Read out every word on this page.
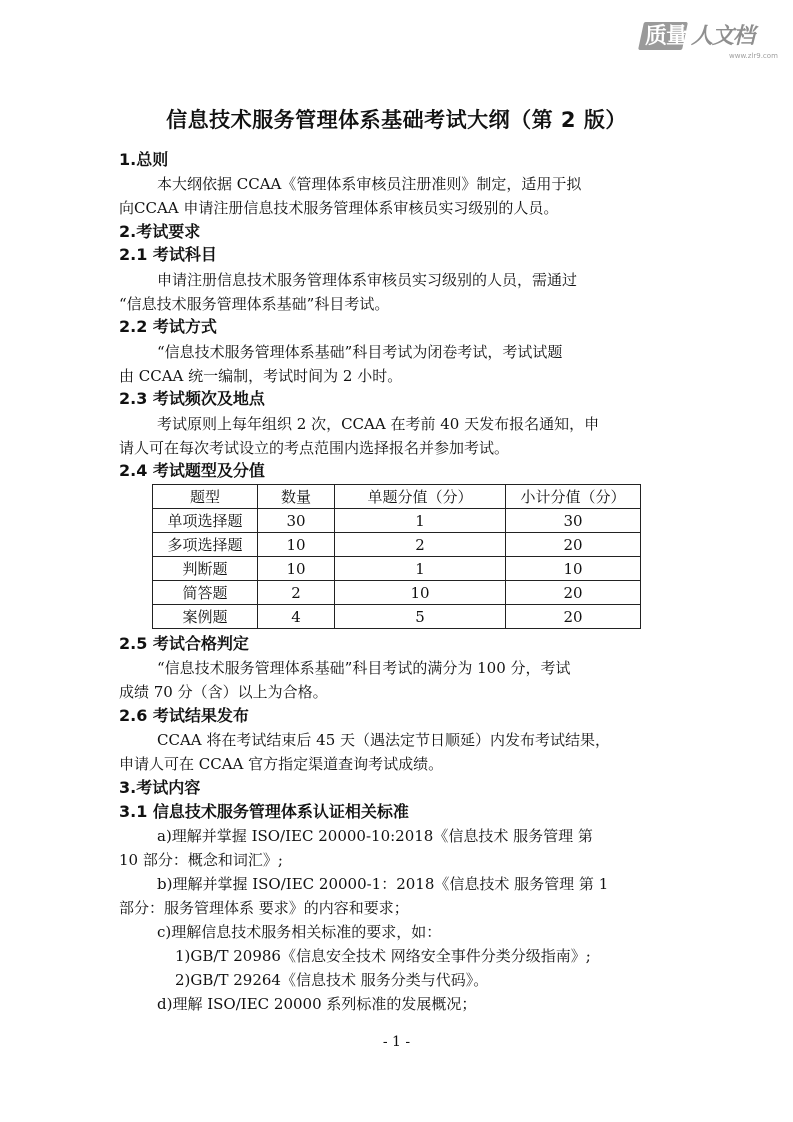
质量 人文档
www.zlr9.com
信息技术服务管理体系基础考试大纲（第 2 版）
1.总则
本大纲依据 CCAA《管理体系审核员注册准则》制定，适用于拟
向CCAA 申请注册信息技术服务管理体系审核员实习级别的人员。
2.考试要求
2.1 考试科目
申请注册信息技术服务管理体系审核员实习级别的人员，需通过
“信息技术服务管理体系基础”科目考试。
2.2 考试方式
“信息技术服务管理体系基础”科目考试为闭卷考试，考试试题
由 CCAA 统一编制，考试时间为 2 小时。
2.3 考试频次及地点
考试原则上每年组织 2 次，CCAA 在考前 40 天发布报名通知，申
请人可在每次考试设立的考点范围内选择报名并参加考试。
2.4 考试题型及分值
题型	数量	单题分值（分）	小计分值（分）
单项选择题	30	1	30
多项选择题	10	2	20
判断题	10	1	10
简答题	2	10	20
案例题	4	5	20
2.5 考试合格判定
“信息技术服务管理体系基础”科目考试的满分为 100 分，考试
成绩 70 分（含）以上为合格。
2.6 考试结果发布
CCAA 将在考试结束后 45 天（遇法定节日顺延）内发布考试结果，
申请人可在 CCAA 官方指定渠道查询考试成绩。
3.考试内容
3.1 信息技术服务管理体系认证相关标准
a)理解并掌握 ISO/IEC 20000-10:2018《信息技术 服务管理 第
10 部分：概念和词汇》;
b)理解并掌握 ISO/IEC 20000-1：2018《信息技术 服务管理 第 1
部分：服务管理体系 要求》的内容和要求；
c)理解信息技术服务相关标准的要求，如：
1)GB/T 20986《信息安全技术 网络安全事件分类分级指南》;
2)GB/T 29264《信息技术 服务分类与代码》。
d)理解 ISO/IEC 20000 系列标准的发展概况；
- 1 -
